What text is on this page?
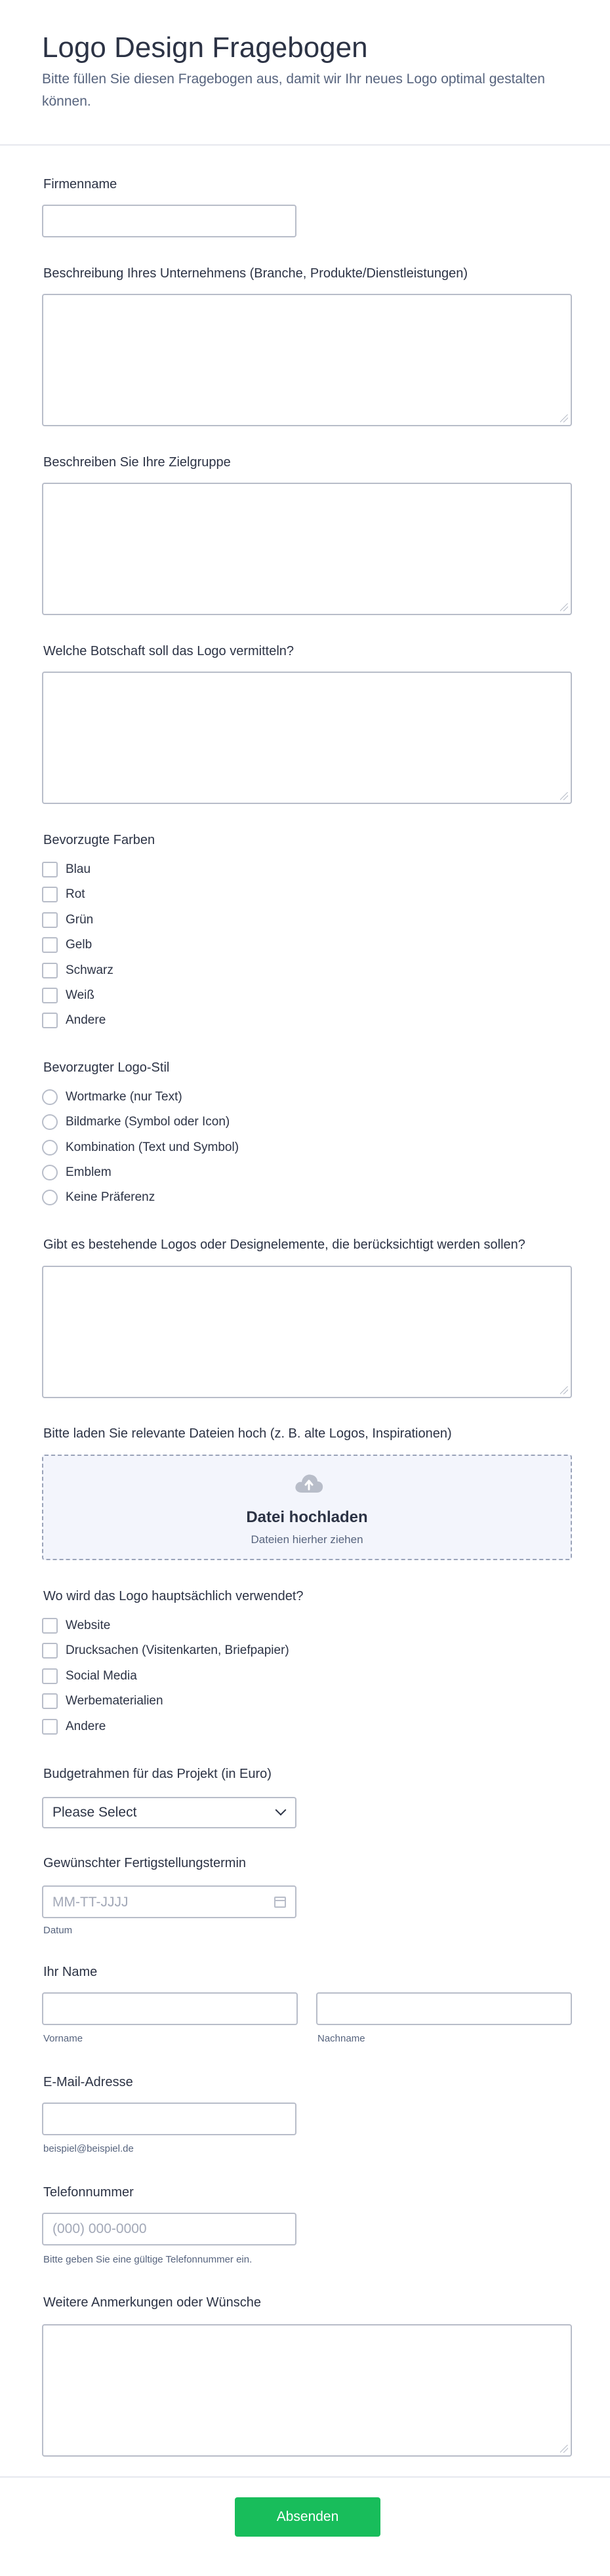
Logo Design Fragebogen
Bitte füllen Sie diesen Fragebogen aus, damit wir Ihr neues Logo optimal gestalten können.
Firmenname
Beschreibung Ihres Unternehmens (Branche, Produkte/Dienstleistungen)
Beschreiben Sie Ihre Zielgruppe
Welche Botschaft soll das Logo vermitteln?
Bevorzugte Farben
Blau
Rot
Grün
Gelb
Schwarz
Weiß
Andere
Bevorzugter Logo-Stil
Wortmarke (nur Text)
Bildmarke (Symbol oder Icon)
Kombination (Text und Symbol)
Emblem
Keine Präferenz
Gibt es bestehende Logos oder Designelemente, die berücksichtigt werden sollen?
Bitte laden Sie relevante Dateien hoch (z. B. alte Logos, Inspirationen)
Datei hochladen
Dateien hierher ziehen
Wo wird das Logo hauptsächlich verwendet?
Website
Drucksachen (Visitenkarten, Briefpapier)
Social Media
Werbematerialien
Andere
Budgetrahmen für das Projekt (in Euro)
Please Select
Gewünschter Fertigstellungstermin
MM-TT-JJJJ
Datum
Ihr Name
Vorname	Nachname
E-Mail-Adresse
beispiel@beispiel.de
Telefonnummer
(000) 000-0000
Bitte geben Sie eine gültige Telefonnummer ein.
Weitere Anmerkungen oder Wünsche
Absenden
